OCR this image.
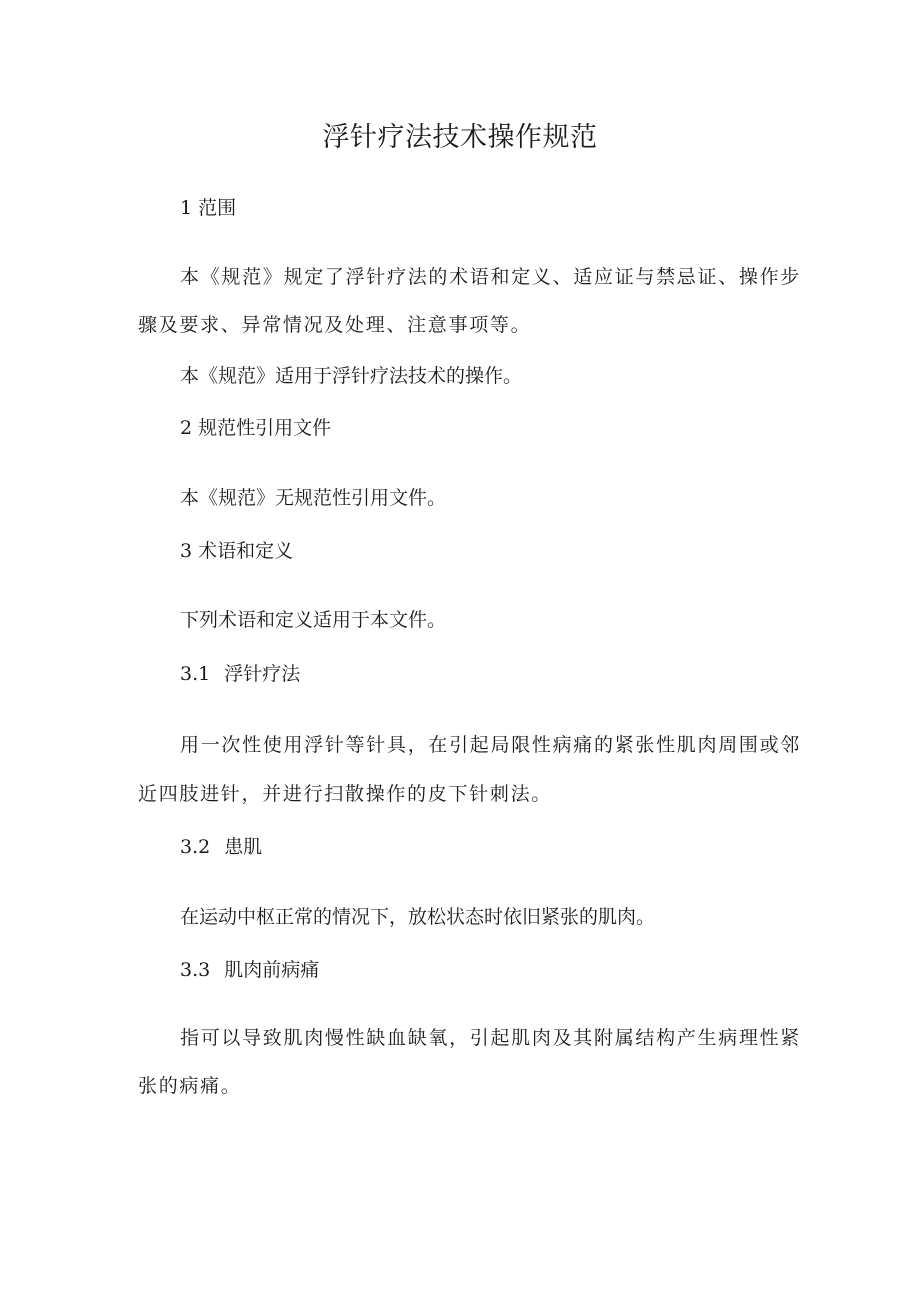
浮针疗法技术操作规范
1 范围
本《规范》规定了浮针疗法的术语和定义、适应证与禁忌证、操作步
骤及要求、异常情况及处理、注意事项等。
本《规范》适用于浮针疗法技术的操作。
2 规范性引用文件
本《规范》无规范性引用文件。
3 术语和定义
下列术语和定义适用于本文件。
3.1 浮针疗法
用一次性使用浮针等针具，在引起局限性病痛的紧张性肌肉周围或邻
近四肢进针，并进行扫散操作的皮下针刺法。
3.2 患肌
在运动中枢正常的情况下，放松状态时依旧紧张的肌肉。
3.3 肌肉前病痛
指可以导致肌肉慢性缺血缺氧，引起肌肉及其附属结构产生病理性紧
张的病痛。
